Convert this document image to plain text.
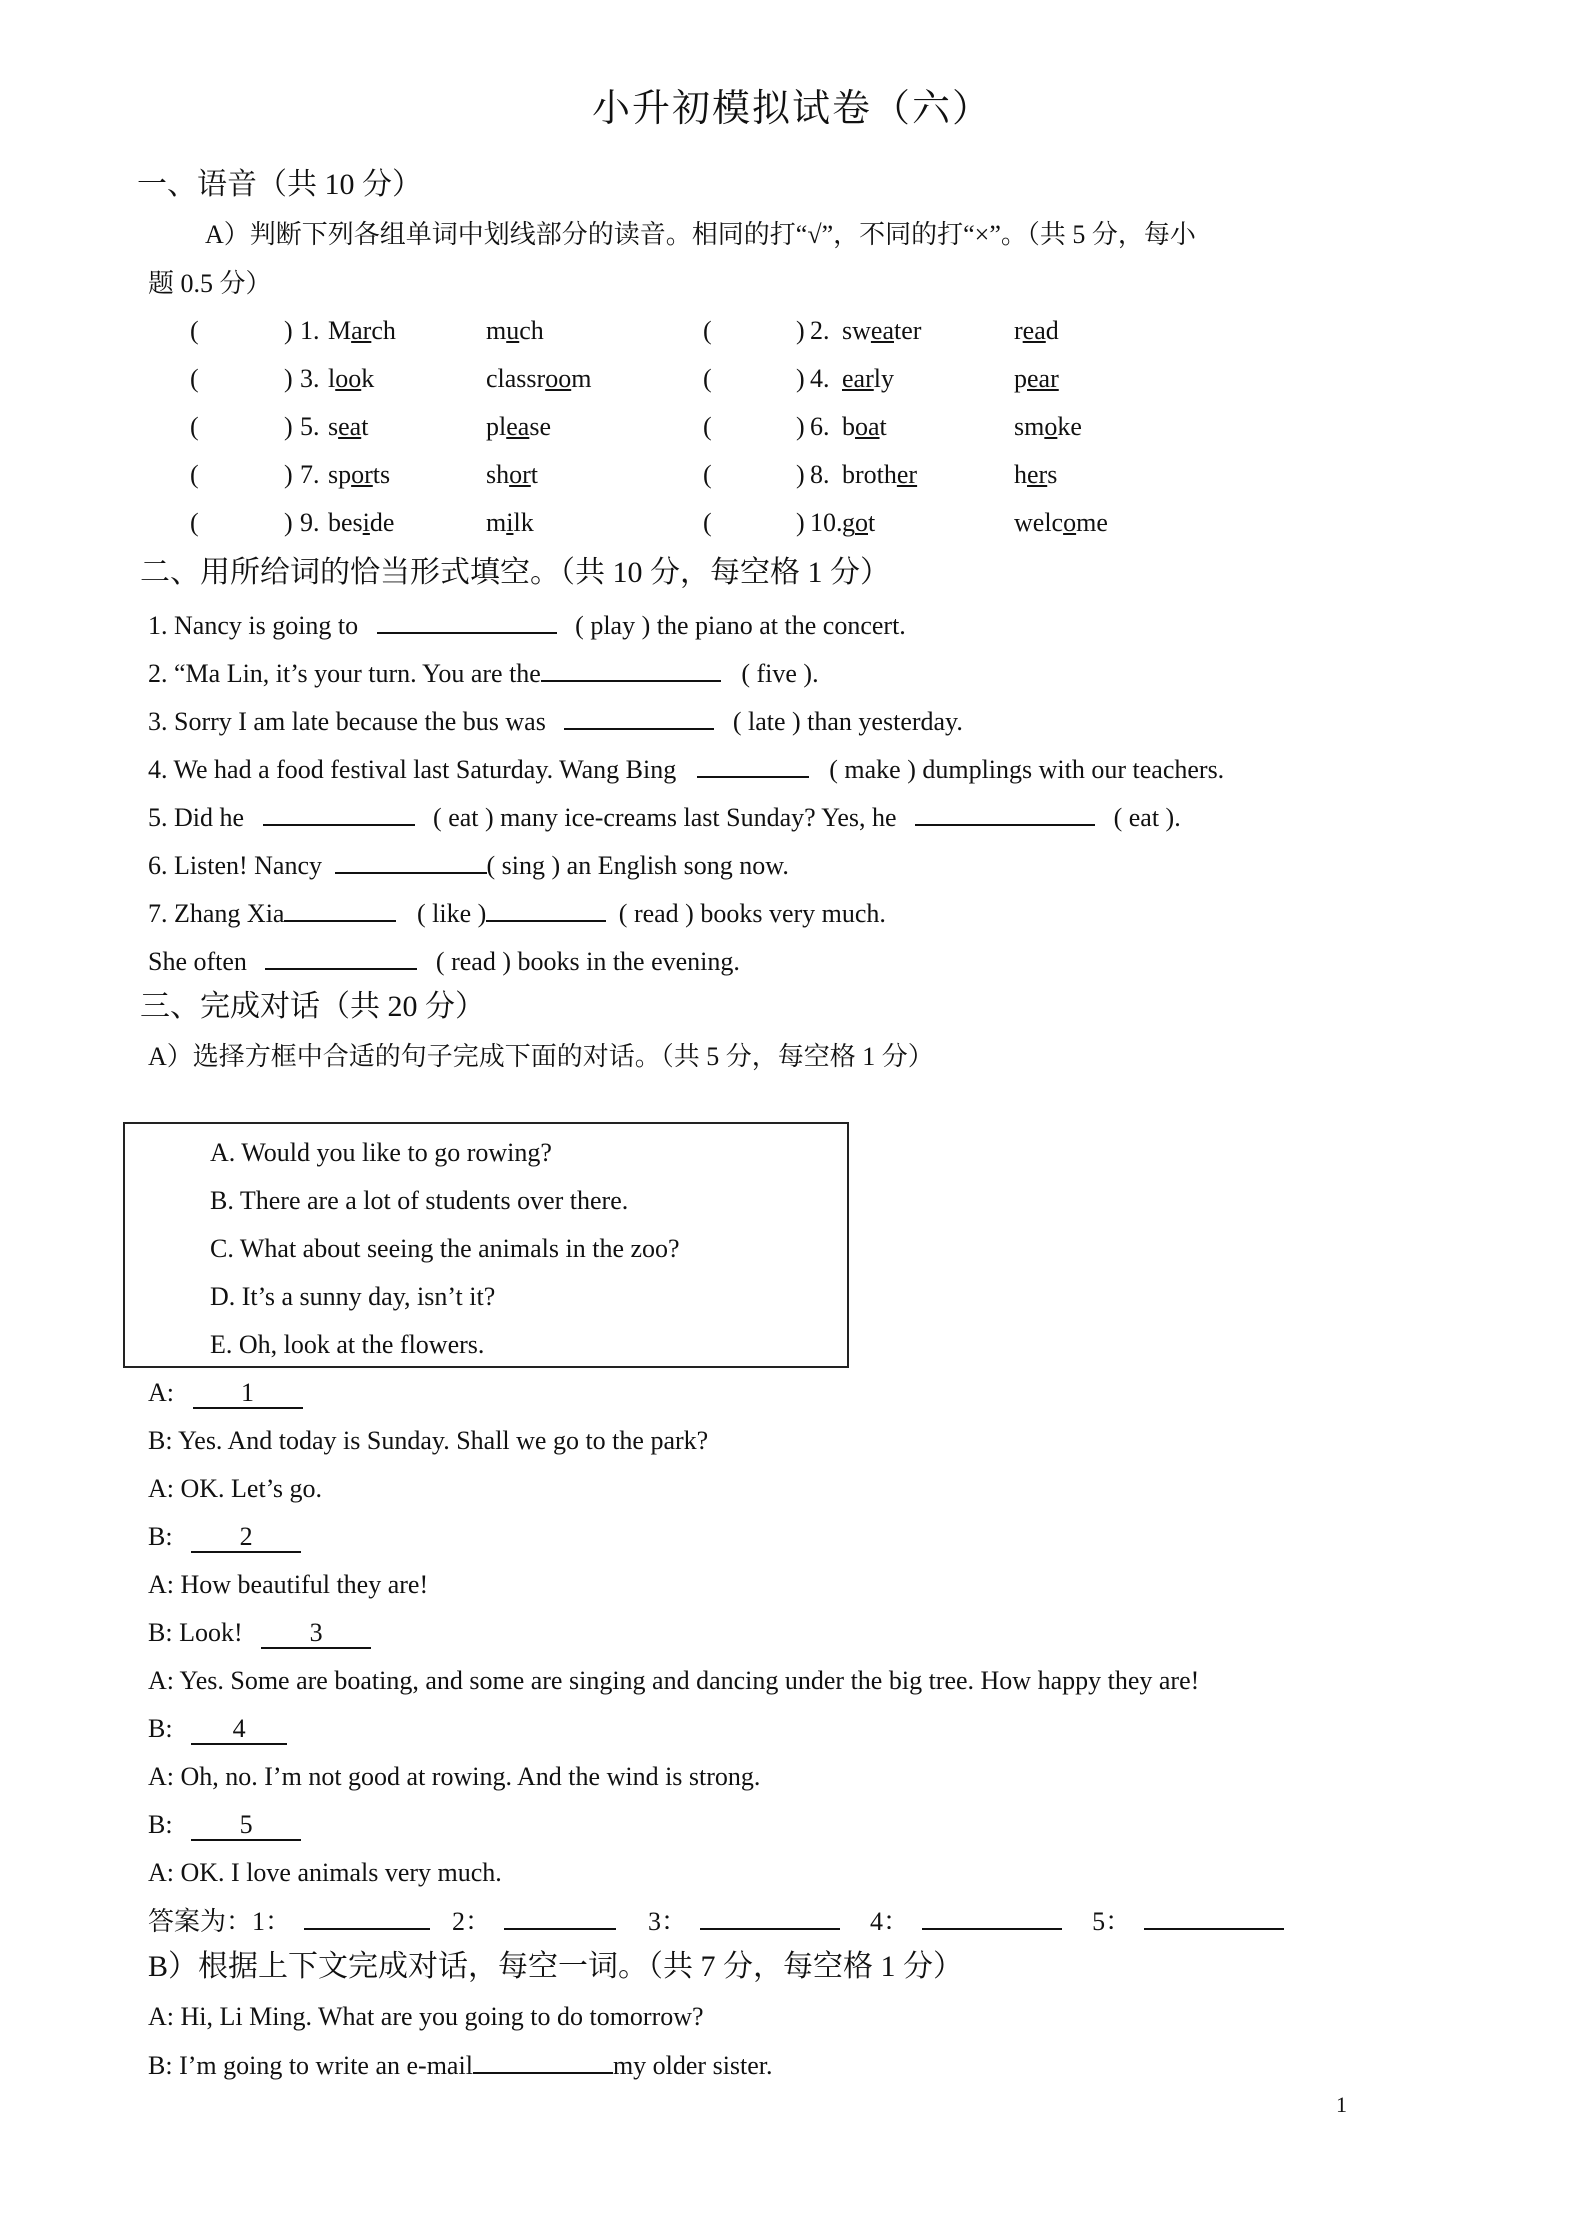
小升初模拟试卷（六）
一、语音（共 10 分）
A）判断下列各组单词中划线部分的读音。相同的打“√”，不同的打“×”。（共 5 分，每小
题 0.5 分）
(	) 1. March	much	(	) 2. sweater	read
(	) 3. look	classroom	(	) 4. early	pear
(	) 5. seat	please	(	) 6. boat	smoke
(	) 7. sports	short	(	) 8. brother	hers
(	) 9. beside	milk	(	) 10. got	welcome
二、用所给词的恰当形式填空。（共 10 分，每空格 1 分）
1. Nancy is going to	( play ) the piano at the concert.
2. “Ma Lin, it’s your turn. You are the	( five ).
3. Sorry I am late because the bus was	( late ) than yesterday.
4. We had a food festival last Saturday. Wang Bing	( make ) dumplings with our teachers.
5. Did he	( eat ) many ice-creams last Sunday? Yes, he	( eat ).
6. Listen! Nancy	( sing ) an English song now.
7. Zhang Xia	( like )	( read ) books very much.
She often	( read ) books in the evening.
三、完成对话（共 20 分）
A）选择方框中合适的句子完成下面的对话。（共 5 分，每空格 1 分）
A. Would you like to go rowing?
B. There are a lot of students over there.
C. What about seeing the animals in the zoo?
D. It’s a sunny day, isn’t it?
E. Oh, look at the flowers.
A:	1
B: Yes. And today is Sunday. Shall we go to the park?
A: OK. Let’s go.
B:	2
A: How beautiful they are!
B: Look!	3
A: Yes. Some are boating, and some are singing and dancing under the big tree. How happy they are!
B: 4
A: Oh, no. I’m not good at rowing. And the wind is strong.
B:	5
A: OK. I love animals very much.
答案为：1：	2：	3：	4：	5：
B）根据上下文完成对话，每空一词。（共 7 分，每空格 1 分）
A: Hi, Li Ming. What are you going to do tomorrow?
B: I’m going to write an e-mail	my older sister.
1
